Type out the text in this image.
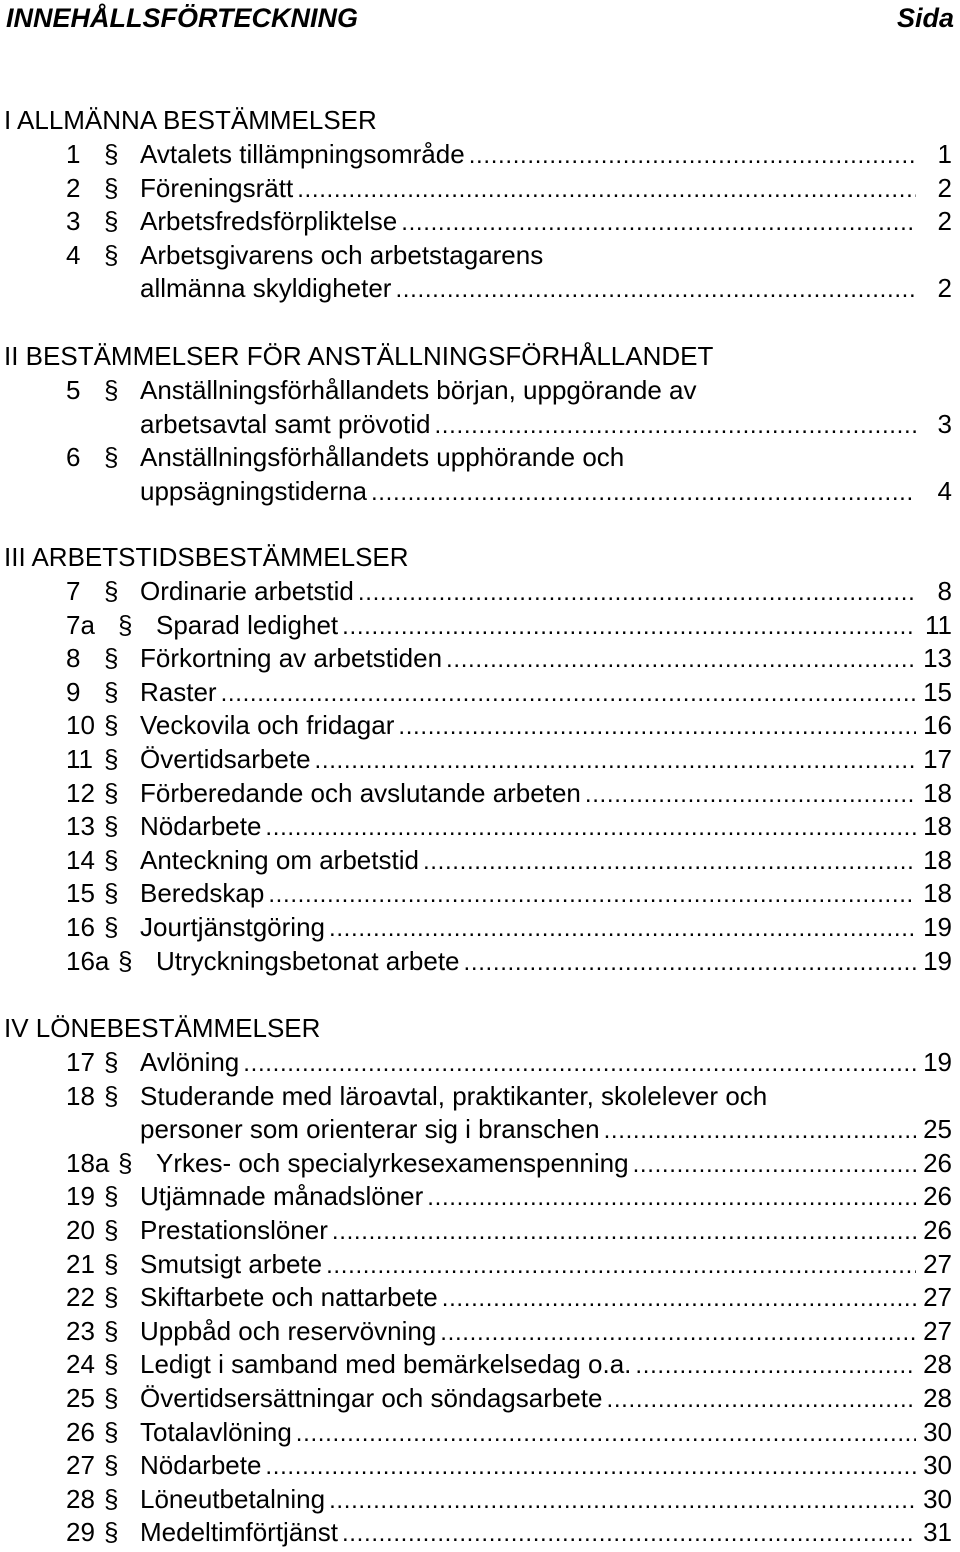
INNEHÅLLSFÖRTECKNING	Sida
I ALLMÄNNA BESTÄMMELSER
1 § Avtalets tillämpningsområde . . .	1
2 § Föreningsrätt . . .	2
3 § Arbetsfredsförpliktelse . . .	2
4 § Arbetsgivarens och arbetstagarens
allmänna skyldigheter . . .	2
II BESTÄMMELSER FÖR ANSTÄLLNINGSFÖRHÅLLANDET
5 § Anställningsförhållandets början, uppgörande av
arbetsavtal samt prövotid . . .	3
6 § Anställningsförhållandets upphörande och
uppsägningstiderna . . .	4
III ARBETSTIDSBESTÄMMELSER
7 § Ordinarie arbetstid . . .	8
7a § Sparad ledighet . . .	11
8 § Förkortning av arbetstiden . . .	13
9 § Raster . . .	15
10 § Veckovila och fridagar . . .	16
11 § Övertidsarbete . . .	17
12 § Förberedande och avslutande arbeten . . .	18
13 § Nödarbete . . .	18
14 § Anteckning om arbetstid . . .	18
15 § Beredskap . . .	18
16 § Jourtjänstgöring . . .	19
16a § Utryckningsbetonat arbete . . .	19
IV LÖNEBESTÄMMELSER
17 § Avlöning . . .	19
18 § Studerande med läroavtal, praktikanter, skolelever och
personer som orienterar sig i branschen . . .	25
18a § Yrkes- och specialyrkesexamenspenning . . .	26
19 § Utjämnade månadslöner . . .	26
20 § Prestationslöner . . .	26
21 § Smutsigt arbete . . .	27
22 § Skiftarbete och nattarbete . . .	27
23 § Uppbåd och reservövning . . .	27
24 § Ledigt i samband med bemärkelsedag o.a. . . .	28
25 § Övertidsersättningar och söndagsarbete . . .	28
26 § Totalavlöning . . .	30
27 § Nödarbete . . .	30
28 § Löneutbetalning . . .	30
29 § Medeltimförtjänst . . .	31
